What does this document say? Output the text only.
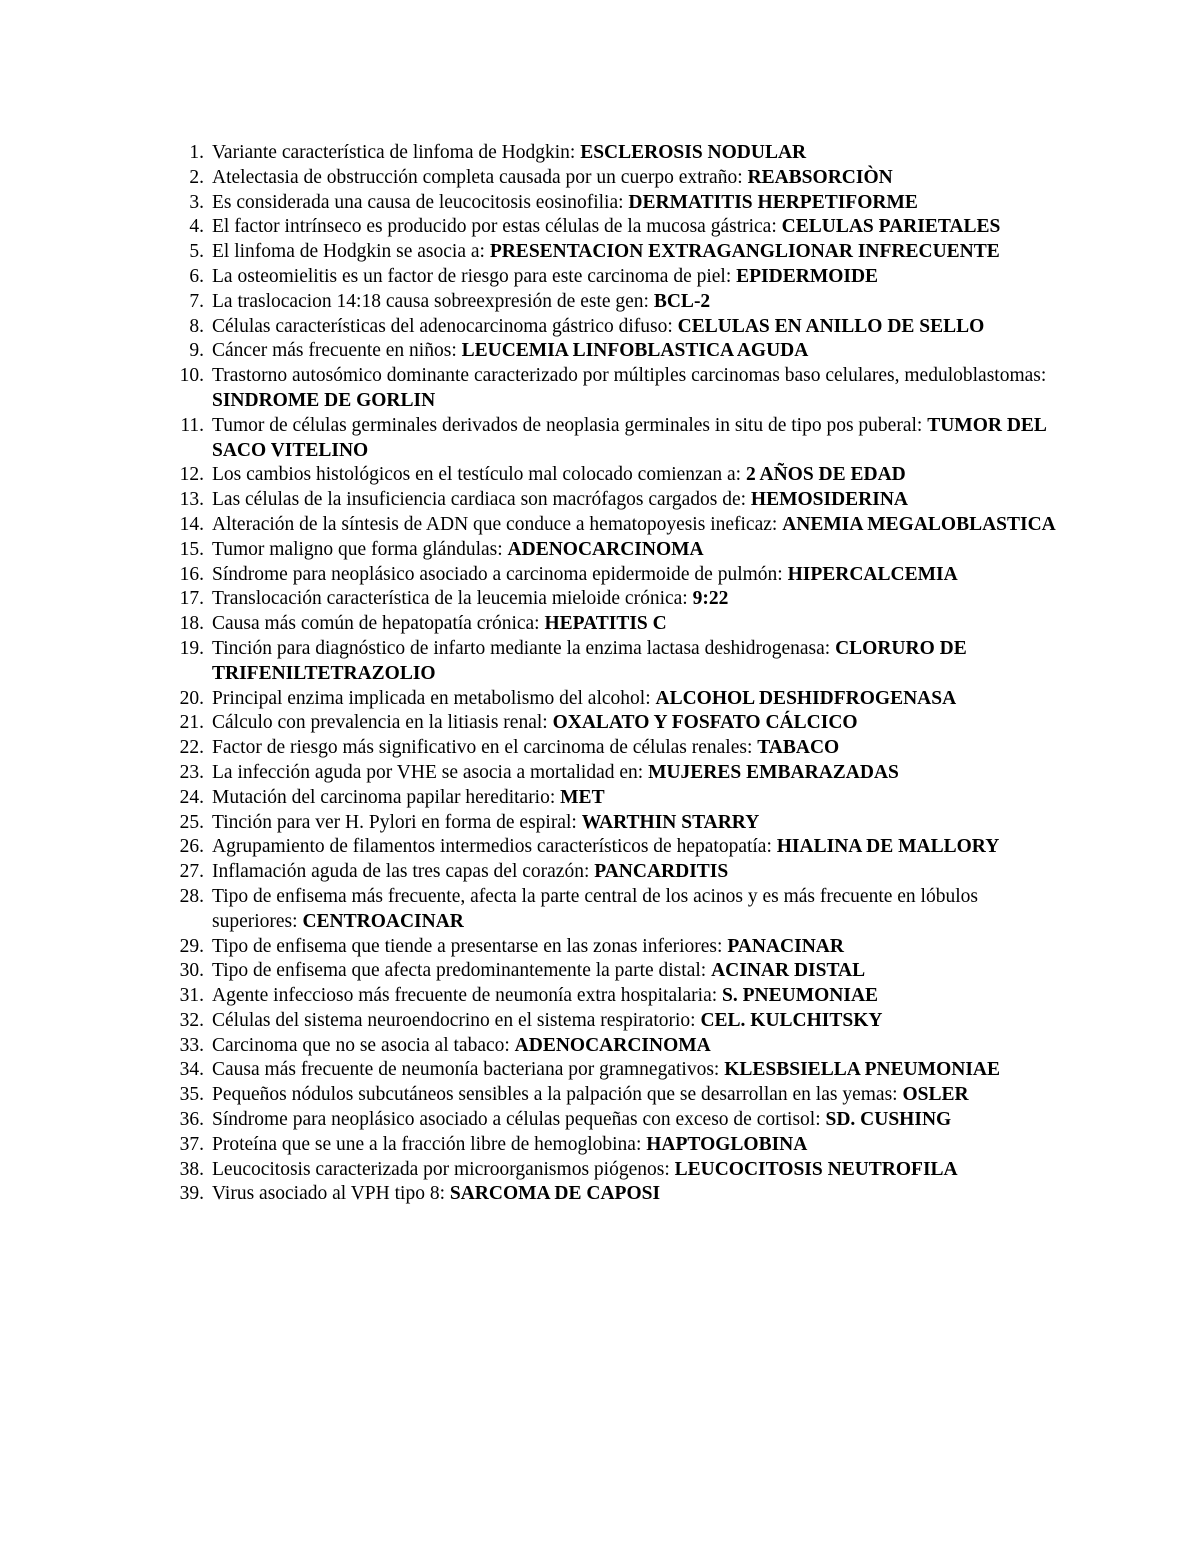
1. Variante característica de linfoma de Hodgkin: ESCLEROSIS NODULAR
2. Atelectasia de obstrucción completa causada por un cuerpo extraño: REABSORCIÒN
3. Es considerada una causa de leucocitosis eosinofilia: DERMATITIS HERPETIFORME
4. El factor intrínseco es producido por estas células de la mucosa gástrica: CELULAS PARIETALES
5. El linfoma de Hodgkin se asocia a: PRESENTACION EXTRAGANGLIONAR INFRECUENTE
6. La osteomielitis es un factor de riesgo para este carcinoma de piel: EPIDERMOIDE
7. La traslocacion 14:18 causa sobreexpresión de este gen: BCL-2
8. Células características del adenocarcinoma gástrico difuso: CELULAS EN ANILLO DE SELLO
9. Cáncer más frecuente en niños: LEUCEMIA LINFOBLASTICA AGUDA
10. Trastorno autosómico dominante caracterizado por múltiples carcinomas baso celulares, meduloblastomas: SINDROME DE GORLIN
11. Tumor de células germinales derivados de neoplasia germinales in situ de tipo pos puberal: TUMOR DEL SACO VITELINO
12. Los cambios histológicos en el testículo mal colocado comienzan a: 2 AÑOS DE EDAD
13. Las células de la insuficiencia cardiaca son macrófagos cargados de: HEMOSIDERINA
14. Alteración de la síntesis de ADN que conduce a hematopoyesis ineficaz: ANEMIA MEGALOBLASTICA
15. Tumor maligno que forma glándulas: ADENOCARCINOMA
16. Síndrome para neoplásico asociado a carcinoma epidermoide de pulmón: HIPERCALCEMIA
17. Translocación característica de la leucemia mieloide crónica: 9:22
18. Causa más común de hepatopatía crónica: HEPATITIS C
19. Tinción para diagnóstico de infarto mediante la enzima lactasa deshidrogenasa: CLORURO DE TRIFENILTETRAZOLIO
20. Principal enzima implicada en metabolismo del alcohol: ALCOHOL DESHIDFROGENASA
21. Cálculo con prevalencia en la litiasis renal: OXALATO Y FOSFATO CÁLCICO
22. Factor de riesgo más significativo en el carcinoma de células renales: TABACO
23. La infección aguda por VHE se asocia a mortalidad en: MUJERES EMBARAZADAS
24. Mutación del carcinoma papilar hereditario: MET
25. Tinción para ver H. Pylori en forma de espiral: WARTHIN STARRY
26. Agrupamiento de filamentos intermedios característicos de hepatopatía: HIALINA DE MALLORY
27. Inflamación aguda de las tres capas del corazón: PANCARDITIS
28. Tipo de enfisema más frecuente, afecta la parte central de los acinos y es más frecuente en lóbulos superiores: CENTROACINAR
29. Tipo de enfisema que tiende a presentarse en las zonas inferiores: PANACINAR
30. Tipo de enfisema que afecta predominantemente la parte distal: ACINAR DISTAL
31. Agente infeccioso más frecuente de neumonía extra hospitalaria: S. PNEUMONIAE
32. Células del sistema neuroendocrino en el sistema respiratorio: CEL. KULCHITSKY
33. Carcinoma que no se asocia al tabaco: ADENOCARCINOMA
34. Causa más frecuente de neumonía bacteriana por gramnegativos: KLESBSIELLA PNEUMONIAE
35. Pequeños nódulos subcutáneos sensibles a la palpación que se desarrollan en las yemas: OSLER
36. Síndrome para neoplásico asociado a células pequeñas con exceso de cortisol: SD. CUSHING
37. Proteína que se une a la fracción libre de hemoglobina: HAPTOGLOBINA
38. Leucocitosis caracterizada por microorganismos piógenos: LEUCOCITOSIS NEUTROFILA
39. Virus asociado al VPH tipo 8: SARCOMA DE CAPOSI
